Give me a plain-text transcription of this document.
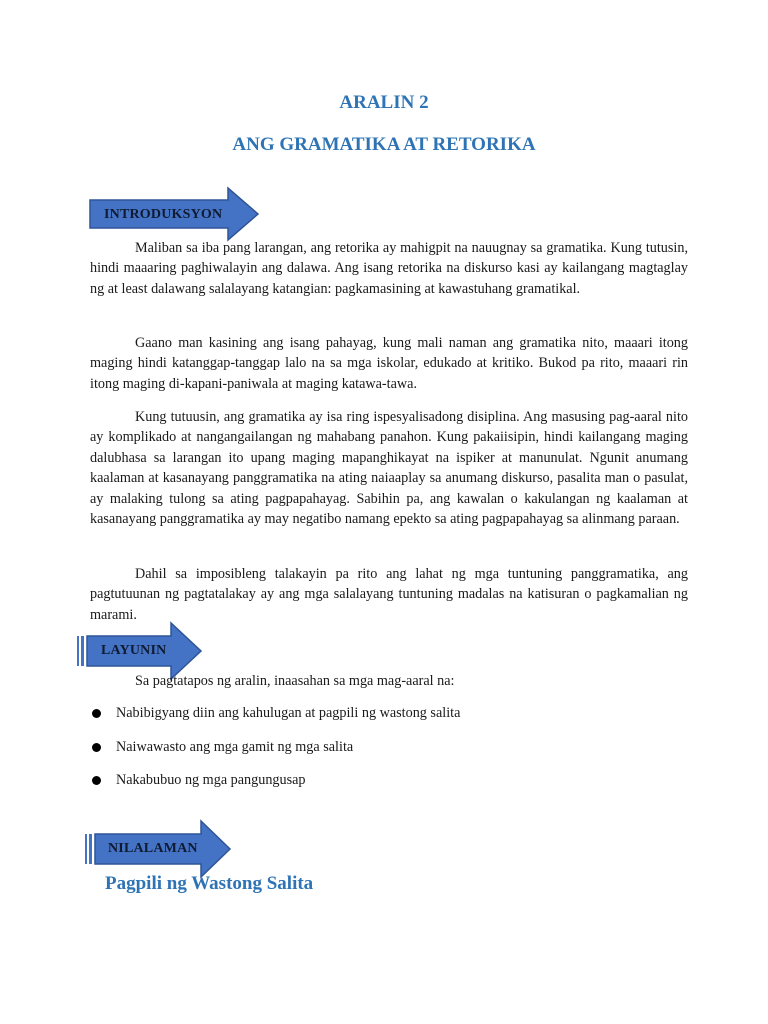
ARALIN 2
ANG GRAMATIKA AT RETORIKA
INTRODUKSYON

Maliban sa iba pang larangan, ang retorika ay mahigpit na nauugnay sa gramatika. Kung tutusin, hindi maaaring paghiwalayin ang dalawa. Ang isang retorika na diskurso kasi ay kailangang magtaglay ng at least dalawang salalayang katangian: pagkamasining at kawastuhang gramatikal.

Gaano man kasining ang isang pahayag, kung mali naman ang gramatika nito, maaari itong maging hindi katanggap-tanggap lalo na sa mga iskolar, edukado at kritiko. Bukod pa rito, maaari rin itong maging di-kapani-paniwala at maging katawa-tawa.

Kung tutuusin, ang gramatika ay isa ring ispesyalisadong disiplina. Ang masusing pag-aaral nito ay komplikado at nangangailangan ng mahabang panahon. Kung pakaiisipin, hindi kailangang maging dalubhasa sa larangan ito upang maging mapanghikayat na ispiker at manunulat. Ngunit anumang kaalaman at kasanayang panggramatika na ating naiaaplay sa anumang diskurso, pasalita man o pasulat, ay malaking tulong sa ating pagpapahayag. Sabihin pa, ang kawalan o kakulangan ng kaalaman at kasanayang panggramatika ay may negatibo namang epekto sa ating pagpapahayag sa alinmang paraan.

Dahil sa imposibleng talakayin pa rito ang lahat ng mga tuntuning panggramatika, ang pagtutuunan ng pagtatalakay ay ang mga salalayang tuntuning madalas na katisuran o pagkamalian ng marami.

LAYUNIN
Sa pagtatapos ng aralin, inaasahan sa mga mag-aaral na:
Nabibigyang diin ang kahulugan at pagpili ng wastong salita
Naiwawasto ang mga gamit ng mga salita
Nakabubuo ng mga pangungusap
NILALAMAN
Pagpili ng Wastong Salita
